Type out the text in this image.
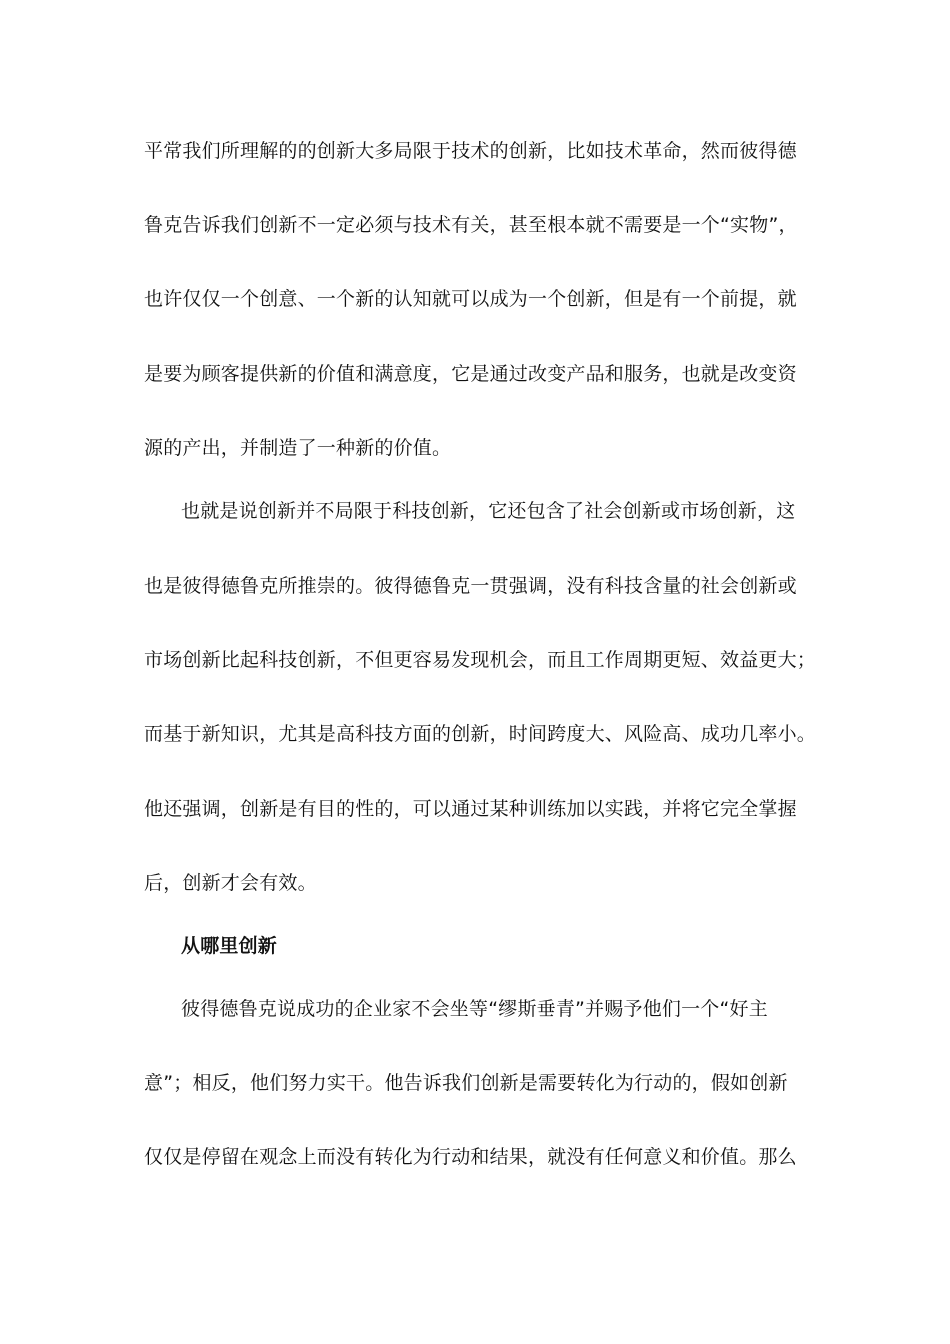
平常我们所理解的的创新大多局限于技术的创新，比如技术革命，然而彼得德
鲁克告诉我们创新不一定必须与技术有关，甚至根本就不需要是一个“实物”，
也许仅仅一个创意、一个新的认知就可以成为一个创新，但是有一个前提，就
是要为顾客提供新的价值和满意度，它是通过改变产品和服务，也就是改变资
源的产出，并制造了一种新的价值。
也就是说创新并不局限于科技创新，它还包含了社会创新或市场创新，这
也是彼得德鲁克所推崇的。彼得德鲁克一贯强调，没有科技含量的社会创新或
市场创新比起科技创新，不但更容易发现机会，而且工作周期更短、效益更大；
而基于新知识，尤其是高科技方面的创新，时间跨度大、风险高、成功几率小。
他还强调，创新是有目的性的，可以通过某种训练加以实践，并将它完全掌握
后，创新才会有效。
从哪里创新
彼得德鲁克说成功的企业家不会坐等“缪斯垂青”并赐予他们一个“好主
意”；相反，他们努力实干。他告诉我们创新是需要转化为行动的，假如创新
仅仅是停留在观念上而没有转化为行动和结果，就没有任何意义和价值。那么
